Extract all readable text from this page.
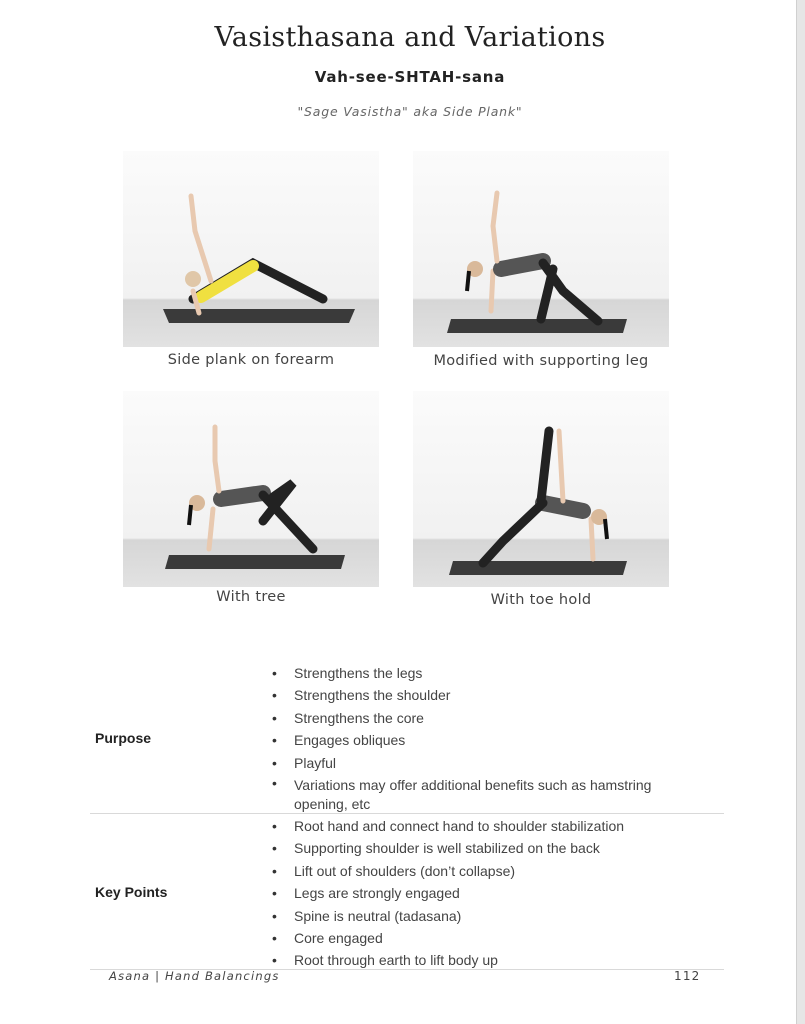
Vasisthasana and Variations
Vah-see-SHTAH-sana
"Sage Vasistha" aka Side Plank"
Side plank on forearm	Modified with supporting leg
With tree	With toe hold
Purpose
• Strengthens the legs
• Strengthens the shoulder
• Strengthens the core
• Engages obliques
• Playful
• Variations may offer additional benefits such as hamstring opening, etc
Key Points
• Root hand and connect hand to shoulder stabilization
• Supporting shoulder is well stabilized on the back
• Lift out of shoulders (don’t collapse)
• Legs are strongly engaged
• Spine is neutral (tadasana)
• Core engaged
• Root through earth to lift body up
Asana | Hand Balancings	112
